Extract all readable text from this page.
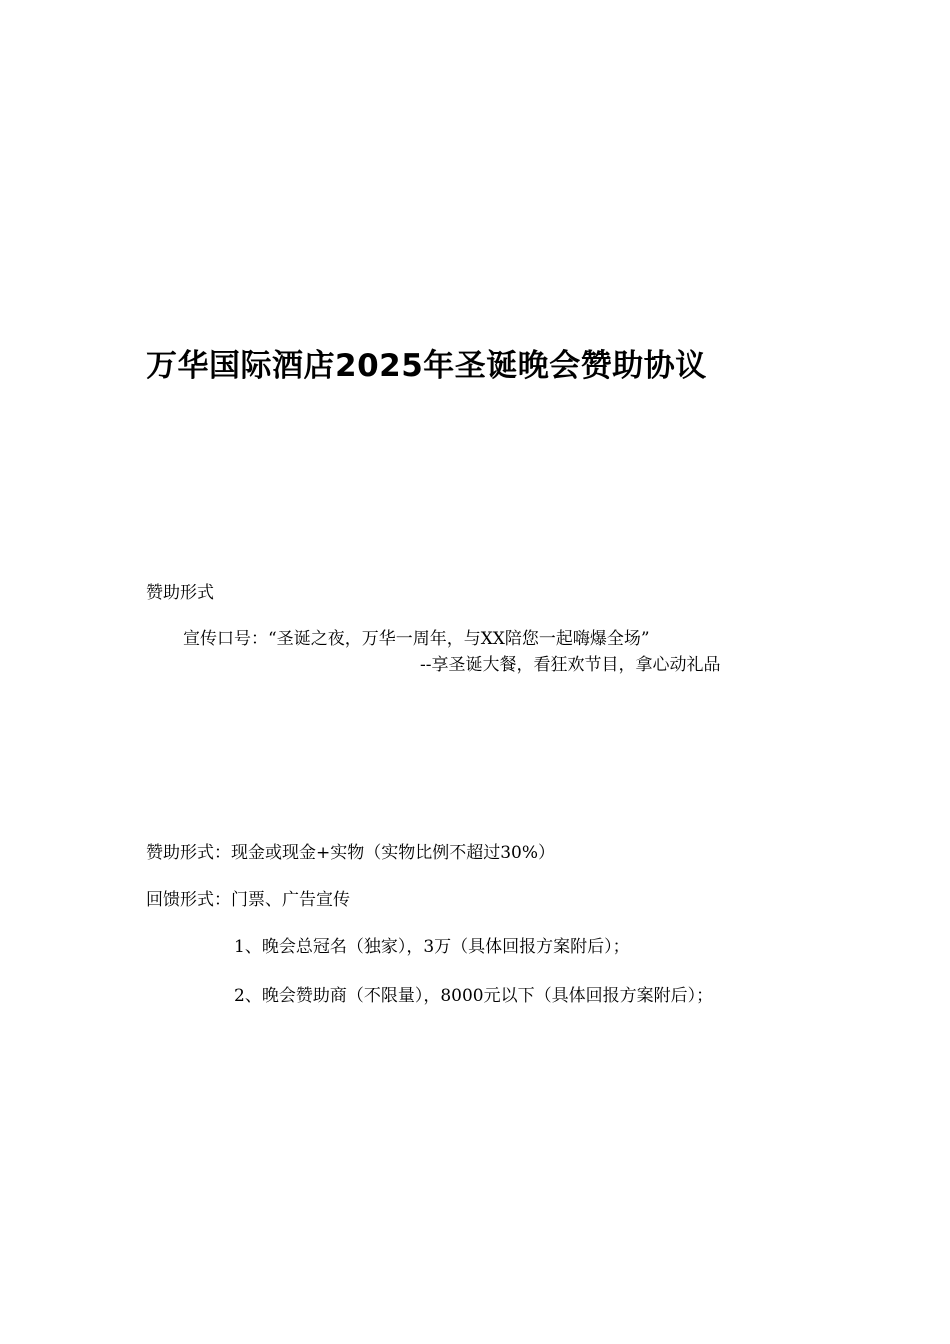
万华国际酒店2025年圣诞晚会赞助协议

赞助形式

宣传口号：“圣诞之夜，万华一周年，与XX陪您一起嗨爆全场”

--享圣诞大餐，看狂欢节目，拿心动礼品

赞助形式：现金或现金+实物（实物比例不超过30%）

回馈形式：门票、广告宣传

1、晚会总冠名（独家），3万（具体回报方案附后）；

2、晚会赞助商（不限量），8000元以下（具体回报方案附后）；
